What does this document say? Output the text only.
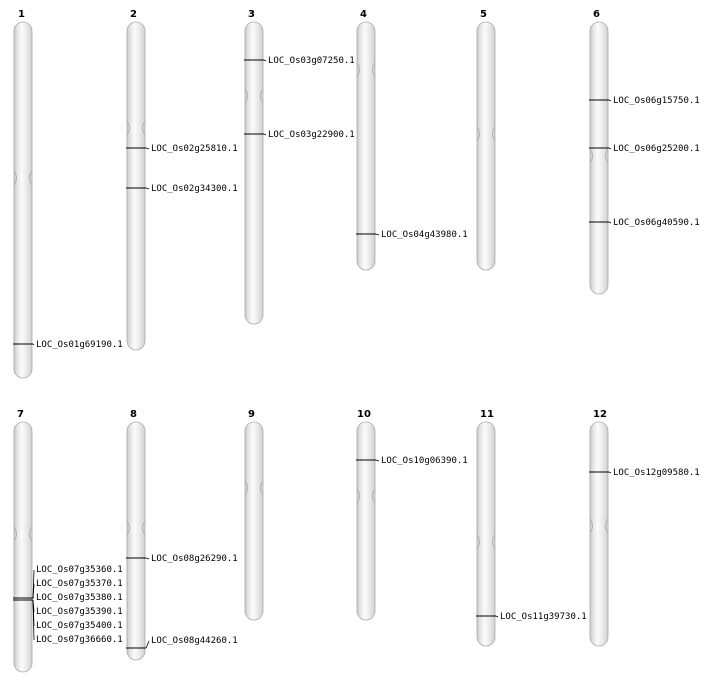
1
LOC_Os01g69190.1
2
LOC_Os02g25810.1
LOC_Os02g34300.1
3
LOC_Os03g07250.1
LOC_Os03g22900.1
4
LOC_Os04g43980.1
5	6
LOC_Os06g15750.1
LOC_Os06g25200.1
LOC_Os06g40590.1
7
LOC_Os07g35360.1
LOC_Os07g35370.1
LOC_Os07g35380.1
LOC_Os07g35390.1
LOC_Os07g35400.1
LOC_Os07g36660.1
8
LOC_Os08g26290.1
LOC_Os08g44260.1
9	10
LOC_Os10g06390.1
11
LOC_Os11g39730.1
12
LOC_Os12g09580.1
